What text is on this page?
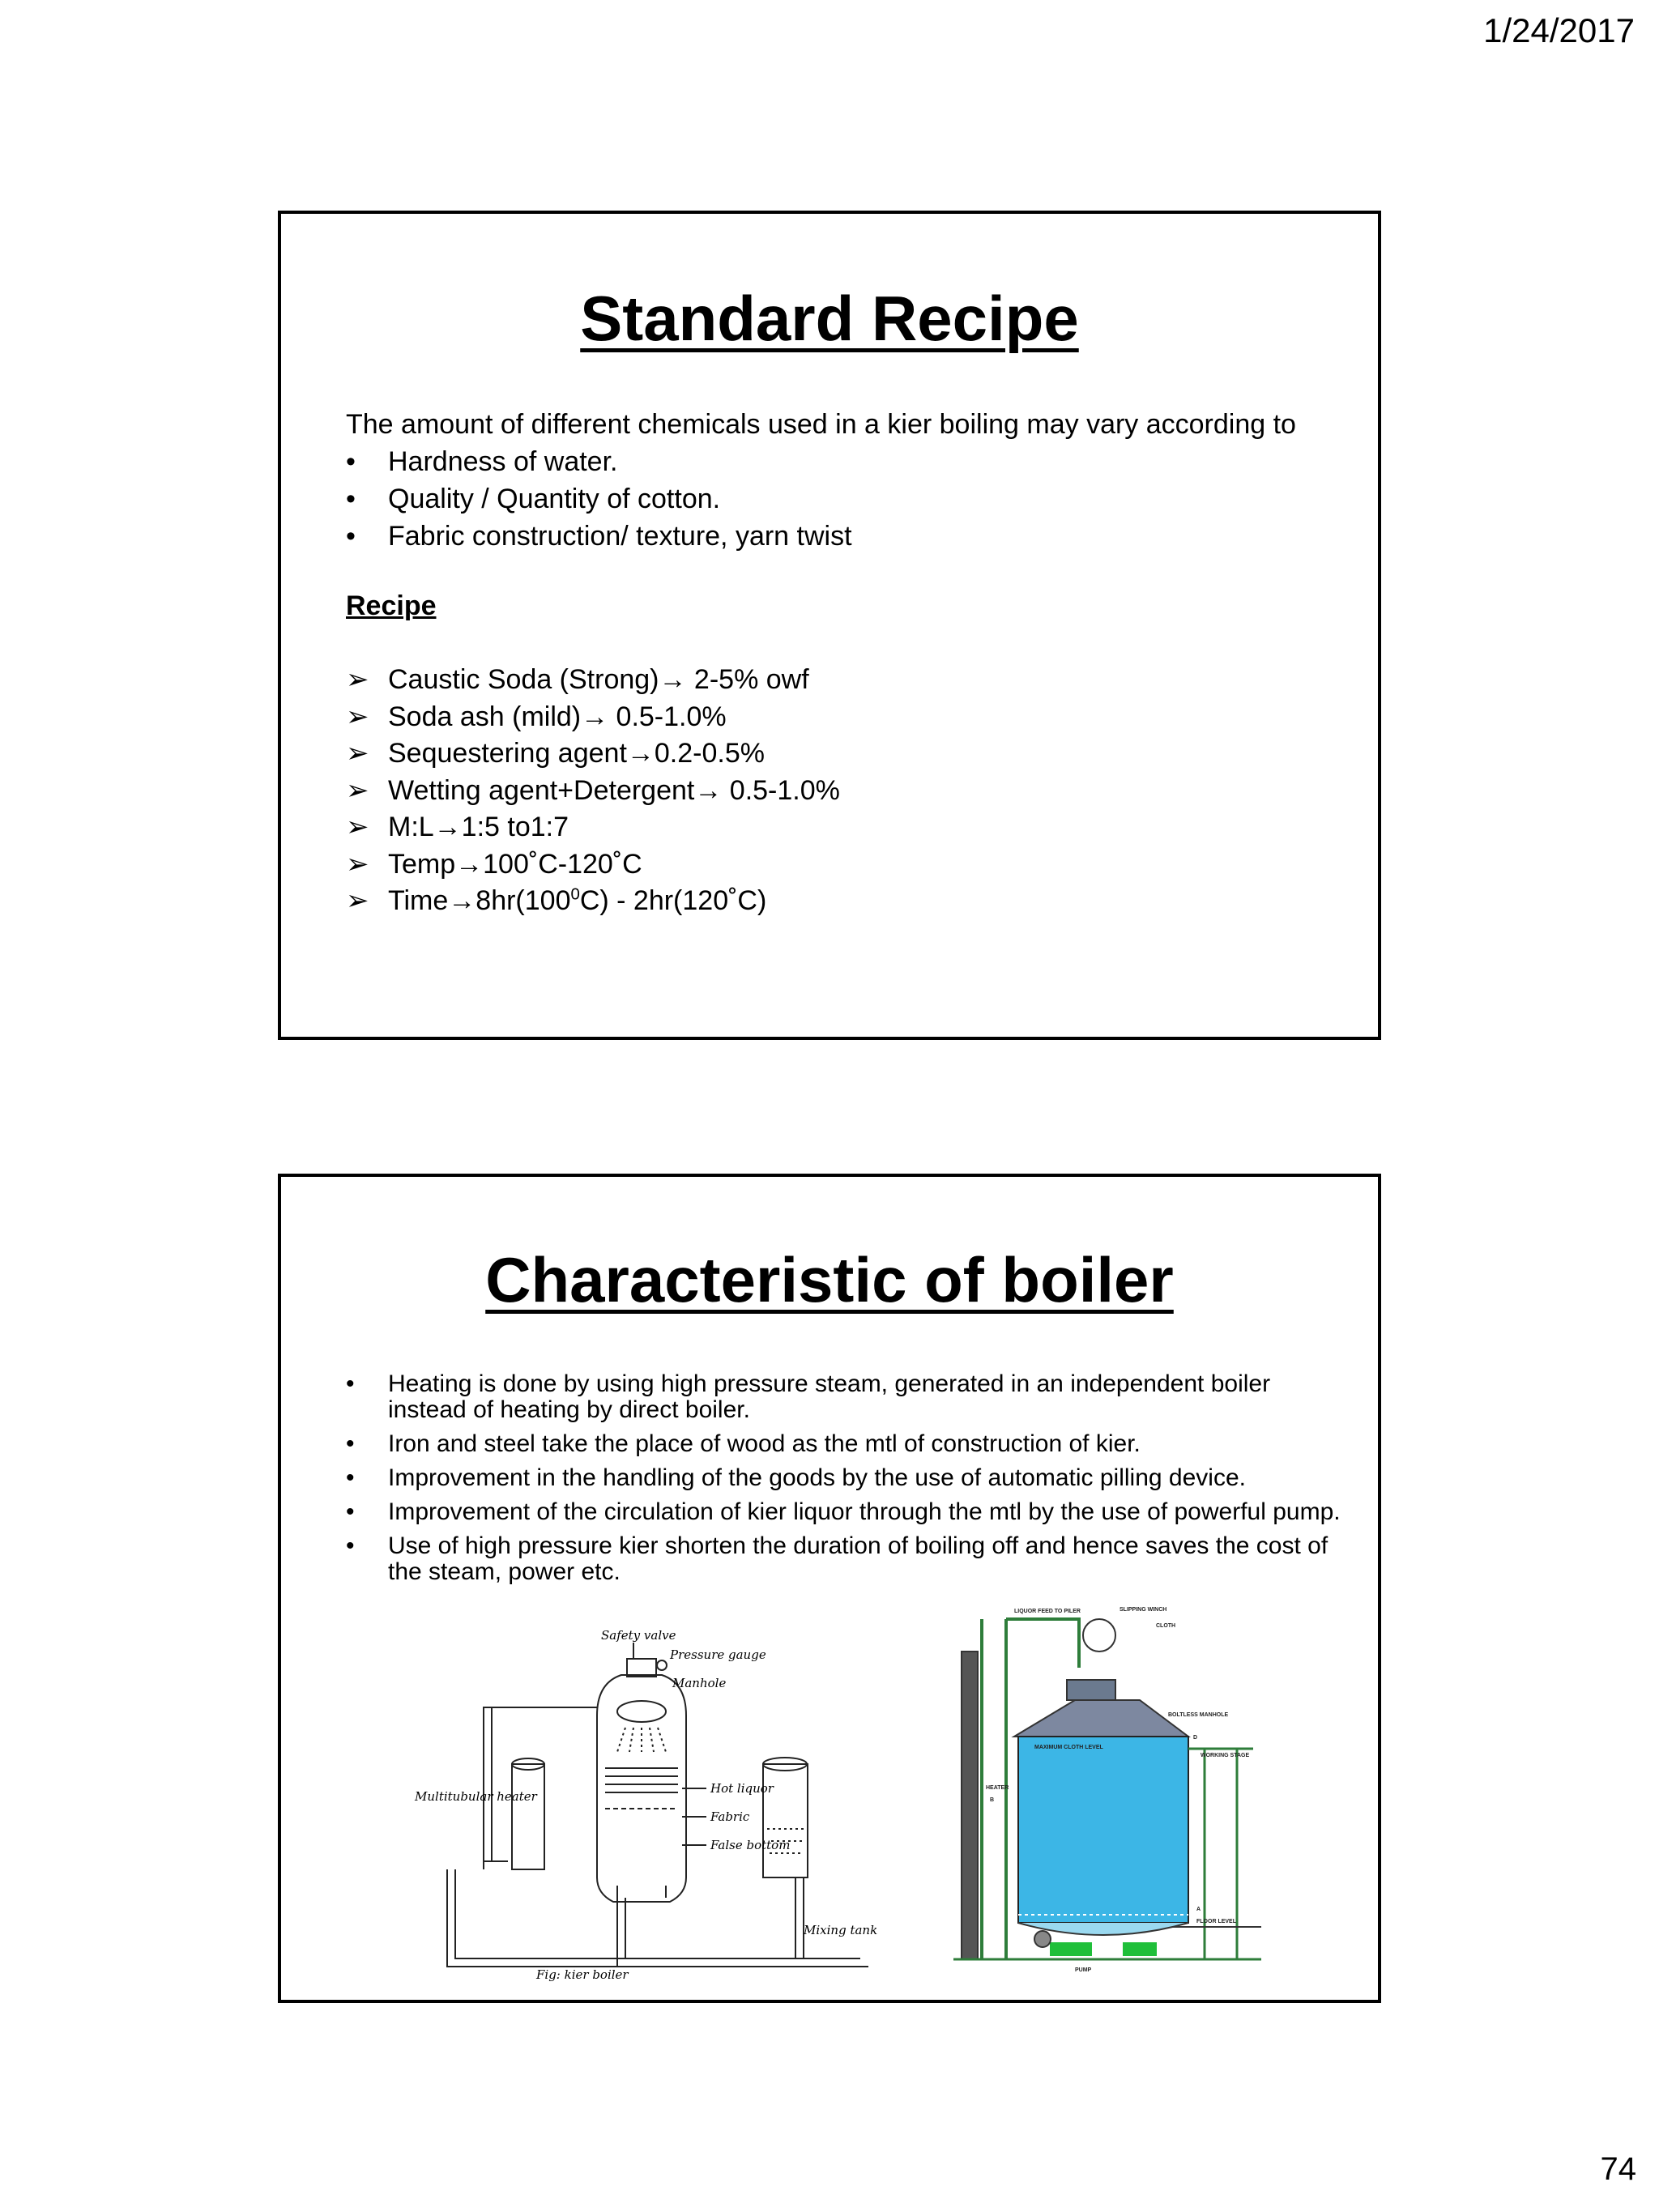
1/24/2017
Standard Recipe
The amount of different chemicals used in a kier boiling may vary according to
•	Hardness of water.
•	Quality / Quantity of cotton.
•	Fabric construction/ texture, yarn twist
Recipe
➢ Caustic Soda (Strong)→ 2-5% owf
➢ Soda ash (mild)→ 0.5-1.0%
➢ Sequestering agent→0.2-0.5%
➢ Wetting agent+Detergent→ 0.5-1.0%
➢ M:L→1:5 to1:7
➢ Temp→100˚C-120˚C
➢ $Time\to 8hr(100^0C)$ - 2hr(120˚C)
Characteristic of boiler
•	Heating is done by using high pressure steam, generated in an independent boiler instead of heating by direct boiler.
•	Iron and steel take the place of wood as the mtl of construction of kier.
•	Improvement in the handling of the goods by the use of automatic pilling device.
•	Improvement of the circulation of kier liquor through the mtl by the use of powerful pump.
•	Use of high pressure kier shorten the duration of boiling off and hence saves the cost of the steam, power etc.
Safety valve
Pressure gauge
Manhole
Hot liquor
Fabric
False bottom
Multitubular heater
Mixing tank
Fig: kier boiler
LIQUOR FEED TO PILER	SLIPPING WINCH
CLOTH
BOLTLESS MANHOLE
D
MAXIMUM CLOTH LEVEL
WORKING STAGE
HEATER
B
A
FLOOR LEVEL
PUMP
74
